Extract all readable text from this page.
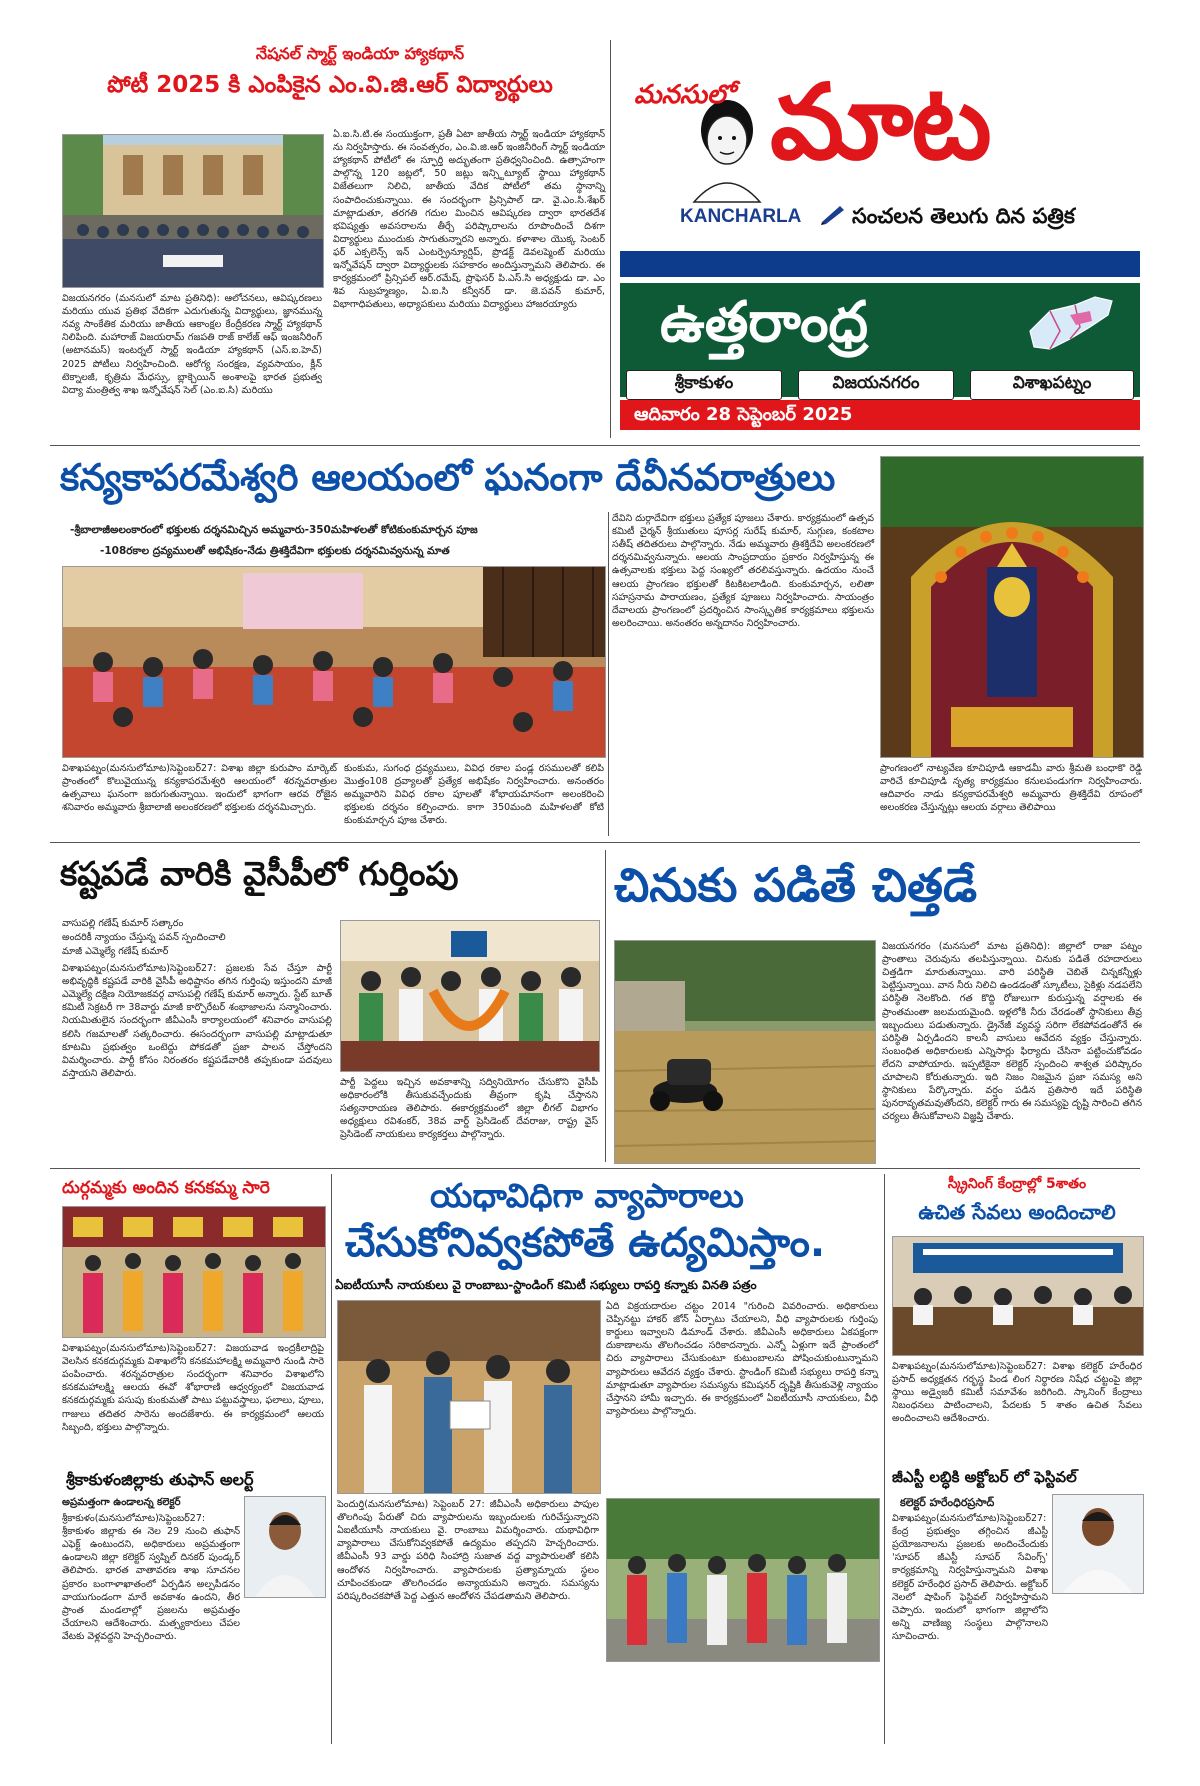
నేషనల్ స్మార్ట్ ఇండియా హ్యాకథాన్
పోటీ 2025 కి ఎంపికైన ఎం.వి.జి.ఆర్ విద్యార్థులు
విజయనగరం (మనసులో మాట ప్రతినిధి): ఆలోచనలు, ఆవిష్కరణలు మరియు యువ ప్రతిభ వేదికగా ఎదుగుతున్న విద్యార్థులు, జ్ఞానమున్న నవ్య సాంకేతిక మరియు జాతీయ ఆకాంక్షల కేంద్రీకరణ స్మార్ట్ హ్యాకథాన్ నిలిపింది. మహారాజ్ విజయరామ్ గజపతి రాజ్ కాలేజ్ ఆఫ్ ఇంజనీరింగ్ (అటానమస్) ఇంటర్నల్ స్మార్ట్ ఇండియా హ్యాకథాన్ (ఎస్.ఐ.హెచ్) 2025 పోటీలు నిర్వహించింది. ఆరోగ్య సంరక్షణ, వ్యవసాయం, క్లీన్ టెక్నాలజీ, కృత్రిమ మేధస్సు, బ్లాక్చెయిన్ అంశాలపై భారత ప్రభుత్వ విద్యా మంత్రిత్వ శాఖ ఇన్నోవేషన్ సెల్ (ఎం.ఐ.సి) మరియు
ఏ.ఐ.సి.టి.ఈ సంయుక్తంగా, ప్రతీ ఏటా జాతీయ స్మార్ట్ ఇండియా హ్యాకథాన్ ను నిర్వహిస్తారు. ఈ సంవత్సరం, ఎం.వి.జి.ఆర్ ఇంజినీరింగ్ స్మార్ట్ ఇండియా హ్యాకథాన్ పోటీలో ఈ స్ఫూర్తి అద్భుతంగా ప్రతిధ్వనించింది. ఉత్సాహంగా పాల్గొన్న 120 జట్లలో, 50 జట్లు ఇన్స్టిట్యూట్ స్థాయి హ్యాకథాన్ విజేతలుగా నిలిచి, జాతీయ వేదిక పోటీలో తమ స్థానాన్ని సంపాదించుకున్నాయి. ఈ సందర్భంగా ప్రిన్సిపాల్ డా. వై.ఎం.సి.శేఖర్ మాట్లాడుతూ, తరగతి గదుల మించిన ఆవిష్కరణ ద్వారా భారతదేశ భవిష్యత్తు అవసరాలను తీర్చే పరిష్కారాలను రూపొందించే దిశగా విద్యార్థులు ముందుకు సాగుతున్నారని అన్నారు. కళాశాల యొక్క సెంటర్ ఫర్ ఎక్సలెన్స్ ఇన్ ఎంటర్ప్రెన్యూర్షిప్, ప్రొడక్ట్ డెవలప్మెంట్ మరియు ఇన్నోవేషన్ ద్వారా విద్యార్థులకు సహకారం అందిస్తున్నామని తెలిపారు. ఈ కార్యక్రమంలో ప్రిన్సిపల్ ఆర్.రమేష్, ప్రొఫెసర్ పి.ఎస్.సి అధ్యక్షుడు డా. ఎం శివ సుబ్రహ్మణ్యం, ఏ.ఐ.సి కన్వీనర్ డా. జె.పవన్ కుమార్, విభాగాధిపతులు, అధ్యాపకులు మరియు విద్యార్థులు హాజరయ్యారు
మనసులో మాట
KANCHARLA	సంచలన తెలుగు దిన పత్రిక
ఉత్తరాంధ్ర
శ్రీకాకుళం	విజయనగరం	విశాఖపట్నం
ఆదివారం 28 సెప్టెంబర్ 2025
కన్యకాపరమేశ్వరి ఆలయంలో ఘనంగా దేవీనవరాత్రులు
-శ్రీబాలాజీఅలంకారంలో భక్తులకు దర్శనమిచ్చిన అమ్మవారు-350మహిళలతో కోటికుంకుమార్చన పూజ
-108రకాల ద్రవ్యములతో అభిషేకం-నేడు త్రిశక్తిదేవిగా భక్తులకు దర్శనమివ్వనున్న మాత
విశాఖపట్నం(మనసులోమాట)సెప్టెంబర్27: విశాఖ జిల్లా కురుపాం మార్కెట్ ప్రాంతంలో కొలువైయున్న కన్యకాపరమేశ్వరి ఆలయంలో శరన్నవరాత్రుల ఉత్సవాలు ఘనంగా జరుగుతున్నాయి. ఇందులో భాగంగా ఆరవ రోజైన శనివారం అమ్మవారు శ్రీబాలాజీ అలంకరణలో భక్తులకు దర్శనమిచ్చారు.
కుంకుమ, సుగంధ ద్రవ్యములు, వివిధ రకాల పండ్ల రసములతో కలిపి మొత్తం108 ద్రవ్యాలతో ప్రత్యేక అభిషేకం నిర్వహించారు. అనంతరం అమ్మవారిని వివిధ రకాల పూలతో శోభాయమానంగా అలంకరించి భక్తులకు దర్శనం కల్పించారు. కాగా 350మంది మహిళలతో కోటి కుంకుమార్చన పూజ చేశారు.
దేవిని దుర్గాదేవిగా భక్తులు ప్రత్యేక పూజలు చేశారు. కార్యక్రమంలో ఉత్సవ కమిటీ చైర్మన్ శ్రీయుతులు పూసర్ల సురేష్ కుమార్, సుగ్గుణ, కంకటాల సతీష్ తదితరులు పాల్గొన్నారు. నేడు అమ్మవారు త్రిశక్తిదేవి అలంకరణలో దర్శనమివ్వనున్నారు. ఆలయ సాంప్రదాయం ప్రకారం నిర్వహిస్తున్న ఈ ఉత్సవాలకు భక్తులు పెద్ద సంఖ్యలో తరలివస్తున్నారు. ఉదయం నుంచే ఆలయ ప్రాంగణం భక్తులతో కిటకిటలాడింది. కుంకుమార్చన, లలితా సహస్రనామ పారాయణం, ప్రత్యేక పూజలు నిర్వహించారు. సాయంత్రం దేవాలయ ప్రాంగణంలో ప్రదర్శించిన సాంస్కృతిక కార్యక్రమాలు భక్తులను అలరించాయి. అనంతరం అన్నదానం నిర్వహించారు.
ప్రాంగణంలో నాట్యవేణ కూచిపూడి ఆకాడమీ వారు శ్రీమతి బంధాకొ రెడ్డి వారిచే కూచిపూడి నృత్య కార్యక్రమం కనులపండుగగా నిర్వహించారు. ఆదివారం నాడు కన్యకాపరమేశ్వరి అమ్మవారు త్రిశక్తిదేవి రూపంలో అలంకరణ చేస్తున్నట్లు ఆలయ వర్గాలు తెలిపాయి
కష్టపడే వారికి వైసీపీలో గుర్తింపు
వాసుపల్లి గణేష్ కుమార్ సత్కారం
అందరికీ న్యాయం చేస్తున్న పవన్ స్పందించాలి
మాజీ ఎమ్మెల్యే గణేష్ కుమార్
విశాఖపట్నం(మనసులోమాట)సెప్టెంబర్27: ప్రజలకు సేవ చేస్తూ పార్టీ అభివృద్ధికి కష్టపడే వారికి వైసీపీ అధిష్టానం తగిన గుర్తింపు ఇస్తుందని మాజీ ఎమ్మెల్యే దక్షిణ నియోజకవర్గ వాసుపల్లి గణేష్ కుమార్ అన్నారు. స్టేట్ బూత్ కమిటీ సెక్రటరీ గా 38వార్డు మాజీ కార్పొరేటర్ శంభాజాలను సన్మానించారు. నియమితులైన సందర్భంగా జీవీఎంసీ కార్యాలయంలో శనివారం వాసుపల్లి కలిసి గజమాలతో సత్కరించారు. ఈసందర్భంగా వాసుపల్లి మాట్లాడుతూ కూటమి ప్రభుత్వం ఒంటెద్దు పోకడతో ప్రజా పాలన చేస్తోందని విమర్శించారు. పార్టీ కోసం నిరంతరం కష్టపడేవారికి తప్పకుండా పదవులు వస్తాయని తెలిపారు.
పార్టీ పెద్దలు ఇచ్చిన అవకాశాన్ని సద్వినియోగం చేసుకొని వైసీపీ అధికారంలోకి తీసుకువచ్చేందుకు తీవ్రంగా కృషి చేస్తానని సత్యనారాయణ తెలిపారు. ఈకార్యక్రమంలో జిల్లా లీగల్ విభాగం అధ్యక్షులు రవిశంకర్, 38వ వార్డ్ ప్రెసిడెంట్ దేవరాజు, రాష్ట్ర వైస్ ప్రెసిడెంట్ నాయకులు కార్యకర్తలు పాల్గొన్నారు.
చినుకు పడితే చిత్తడే
విజయనగరం (మనసులో మాట ప్రతినిధి): జిల్లాలో రాజా పట్నం ప్రాంతాలు చెరువును తలపిస్తున్నాయి. చినుకు పడితే రహదారులు చిత్తడిగా మారుతున్నాయి. వారి పరిస్థితి చెబితే చిన్నకన్నీళ్లు పెట్టిస్తున్నాయి. వాన నీరు నిలిచి ఉండడంతో స్కూటీలు, సైకిళ్లు నడపలేని పరిస్థితి నెలకొంది. గత కొద్ది రోజులుగా కురుస్తున్న వర్షాలకు ఈ ప్రాంతమంతా జలమయమైంది. ఇళ్లలోకి నీరు చేరడంతో స్థానికులు తీవ్ర ఇబ్బందులు పడుతున్నారు. డ్రైనేజీ వ్యవస్థ సరిగా లేకపోవడంతోనే ఈ పరిస్థితి ఏర్పడిందని కాలనీ వాసులు ఆవేదన వ్యక్తం చేస్తున్నారు. సంబంధిత అధికారులకు ఎన్నిసార్లు ఫిర్యాదు చేసినా పట్టించుకోవడం లేదని వాపోయారు. ఇప్పటికైనా కలెక్టర్ స్పందించి శాశ్వత పరిష్కారం చూపాలని కోరుతున్నారు. ఇది నిజం నిజమైన ప్రజా సమస్య అని స్థానికులు పేర్కొన్నారు. వర్షం పడిన ప్రతిసారి ఇదే పరిస్థితి పునరావృతమవుతోందని, కలెక్టర్ గారు ఈ సమస్యపై దృష్టి సారించి తగిన చర్యలు తీసుకోవాలని విజ్ఞప్తి చేశారు.
దుర్గమ్మకు అందిన కనకమ్మ సారె
విశాఖపట్నం(మనసులోమాట)సెప్టెంబర్27: విజయవాడ ఇంద్రకీలాద్రిపై వెలసిన కనకదుర్గమ్మకు విశాఖలోని కనకమహాలక్ష్మి అమ్మవారి నుండి సారె పంపించారు. శరన్నవరాత్రుల సందర్భంగా శనివారం విశాఖలోని కనకమహాలక్ష్మి ఆలయ ఈవో శోభారాణి ఆధ్వర్యంలో విజయవాడ కనకదుర్గమ్మకు పసుపు కుంకుమతో పాటు పట్టువస్త్రాలు, ఫలాలు, పూలు, గాజులు తదితర సారెను అందజేశారు. ఈ కార్యక్రమంలో ఆలయ సిబ్బంది, భక్తులు పాల్గొన్నారు.
శ్రీకాకుళంజిల్లాకు తుఫాన్ అలర్ట్
అప్రమత్తంగా ఉండాలన్న కలెక్టర్
శ్రీకాకుళం(మనసులోమాట)సెప్టెంబర్27: శ్రీకాకుళం జిల్లాకు ఈ నెల 29 నుంచి తుఫాన్ ఎఫెక్ట్ ఉంటుందని, అధికారులు అప్రమత్తంగా ఉండాలని జిల్లా కలెక్టర్ స్వప్నిల్ దినకర్ పుండ్కర్ తెలిపారు. భారత వాతావరణ శాఖ సూచనల ప్రకారం బంగాళాఖాతంలో ఏర్పడిన అల్పపీడనం వాయుగుండంగా మారే అవకాశం ఉందని, తీర ప్రాంత మండలాల్లో ప్రజలను అప్రమత్తం చేయాలని ఆదేశించారు. మత్స్యకారులు చేపల వేటకు వెళ్లవద్దని హెచ్చరించారు.
యధావిధిగా వ్యాపారాలు
చేసుకోనివ్వకపోతే ఉద్యమిస్తాం.
ఏఐటీయూసీ నాయకులు వై రాంబాబు-స్టాండింగ్ కమిటీ సభ్యులు రాపర్తి కన్నాకు వినతి పత్రం
ఏది విక్రయదారుల చట్టం 2014 "గురించి వివరించారు. అధికారులు చెప్పినట్టు హాకర్ జోన్ ఏర్పాటు చేయాలని, వీధి వ్యాపారులకు గుర్తింపు కార్డులు ఇవ్వాలని డిమాండ్ చేశారు. జీవీఎంసీ అధికారులు ఏకపక్షంగా దుకాణాలను తొలగించడం సరికాదన్నారు. ఎన్నో ఏళ్లుగా ఇదే ప్రాంతంలో చిరు వ్యాపారాలు చేసుకుంటూ కుటుంబాలను పోషించుకుంటున్నామని వ్యాపారులు ఆవేదన వ్యక్తం చేశారు. స్టాండింగ్ కమిటీ సభ్యులు రాపర్తి కన్నా మాట్లాడుతూ వ్యాపారుల సమస్యను కమిషనర్ దృష్టికి తీసుకువెళ్లి న్యాయం చేస్తానని హామీ ఇచ్చారు. ఈ కార్యక్రమంలో ఏఐటీయూసీ నాయకులు, వీధి వ్యాపారులు పాల్గొన్నారు.
పెందుర్తి(మనసులోమాట) సెప్టెంబర్ 27: జీవీఎంసీ అధికారులు పాపుల తొలగింపు పేరుతో చిరు వ్యాపారులను ఇబ్బందులకు గురిచేస్తున్నారని ఏఐటీయూసీ నాయకులు వై. రాంబాబు విమర్శించారు. యథావిధిగా వ్యాపారాలు చేసుకోనివ్వకపోతే ఉద్యమం తప్పదని హెచ్చరించారు. జీవీఎంసీ 93 వార్డు పరిధి సింహాద్రి సుజాత వద్ద వ్యాపారులతో కలిసి ఆందోళన నిర్వహించారు. వ్యాపారులకు ప్రత్యామ్నాయ స్థలం చూపించకుండా తొలగించడం అన్యాయమని అన్నారు. సమస్యను పరిష్కరించకపోతే పెద్ద ఎత్తున ఆందోళన చేపడతామని తెలిపారు.
స్క్రీనింగ్ కేంద్రాల్లో 5శాతం
ఉచిత సేవలు అందించాలి
విశాఖపట్నం(మనసులోమాట)సెప్టెంబర్27: విశాఖ కలెక్టర్ హరేంధిర ప్రసాద్ అధ్యక్షతన గర్భస్థ పిండ లింగ నిర్ధారణ నిషేధ చట్టంపై జిల్లా స్థాయి అడ్వైజరీ కమిటీ సమావేశం జరిగింది. స్కానింగ్ కేంద్రాలు నిబంధనలు పాటించాలని, పేదలకు 5 శాతం ఉచిత సేవలు అందించాలని ఆదేశించారు.
జీఎస్టీ లబ్ధికి అక్టోబర్ లో ఫెస్టివల్
కలెక్టర్ హరేంధిరప్రసాద్
విశాఖపట్నం(మనసులోమాట)సెప్టెంబర్27: కేంద్ర ప్రభుత్వం తగ్గించిన జీఎస్టీ ప్రయోజనాలను ప్రజలకు అందించేందుకు 'సూపర్ జీఎస్టీ సూపర్ సేవింగ్స్' కార్యక్రమాన్ని నిర్వహిస్తున్నామని విశాఖ కలెక్టర్ హరేంధిర ప్రసాద్ తెలిపారు. అక్టోబర్ నెలలో షాపింగ్ ఫెస్టివల్ నిర్వహిస్తామని చెప్పారు. ఇందులో భాగంగా జిల్లాలోని అన్ని వాణిజ్య సంస్థలు పాల్గొనాలని సూచించారు.
